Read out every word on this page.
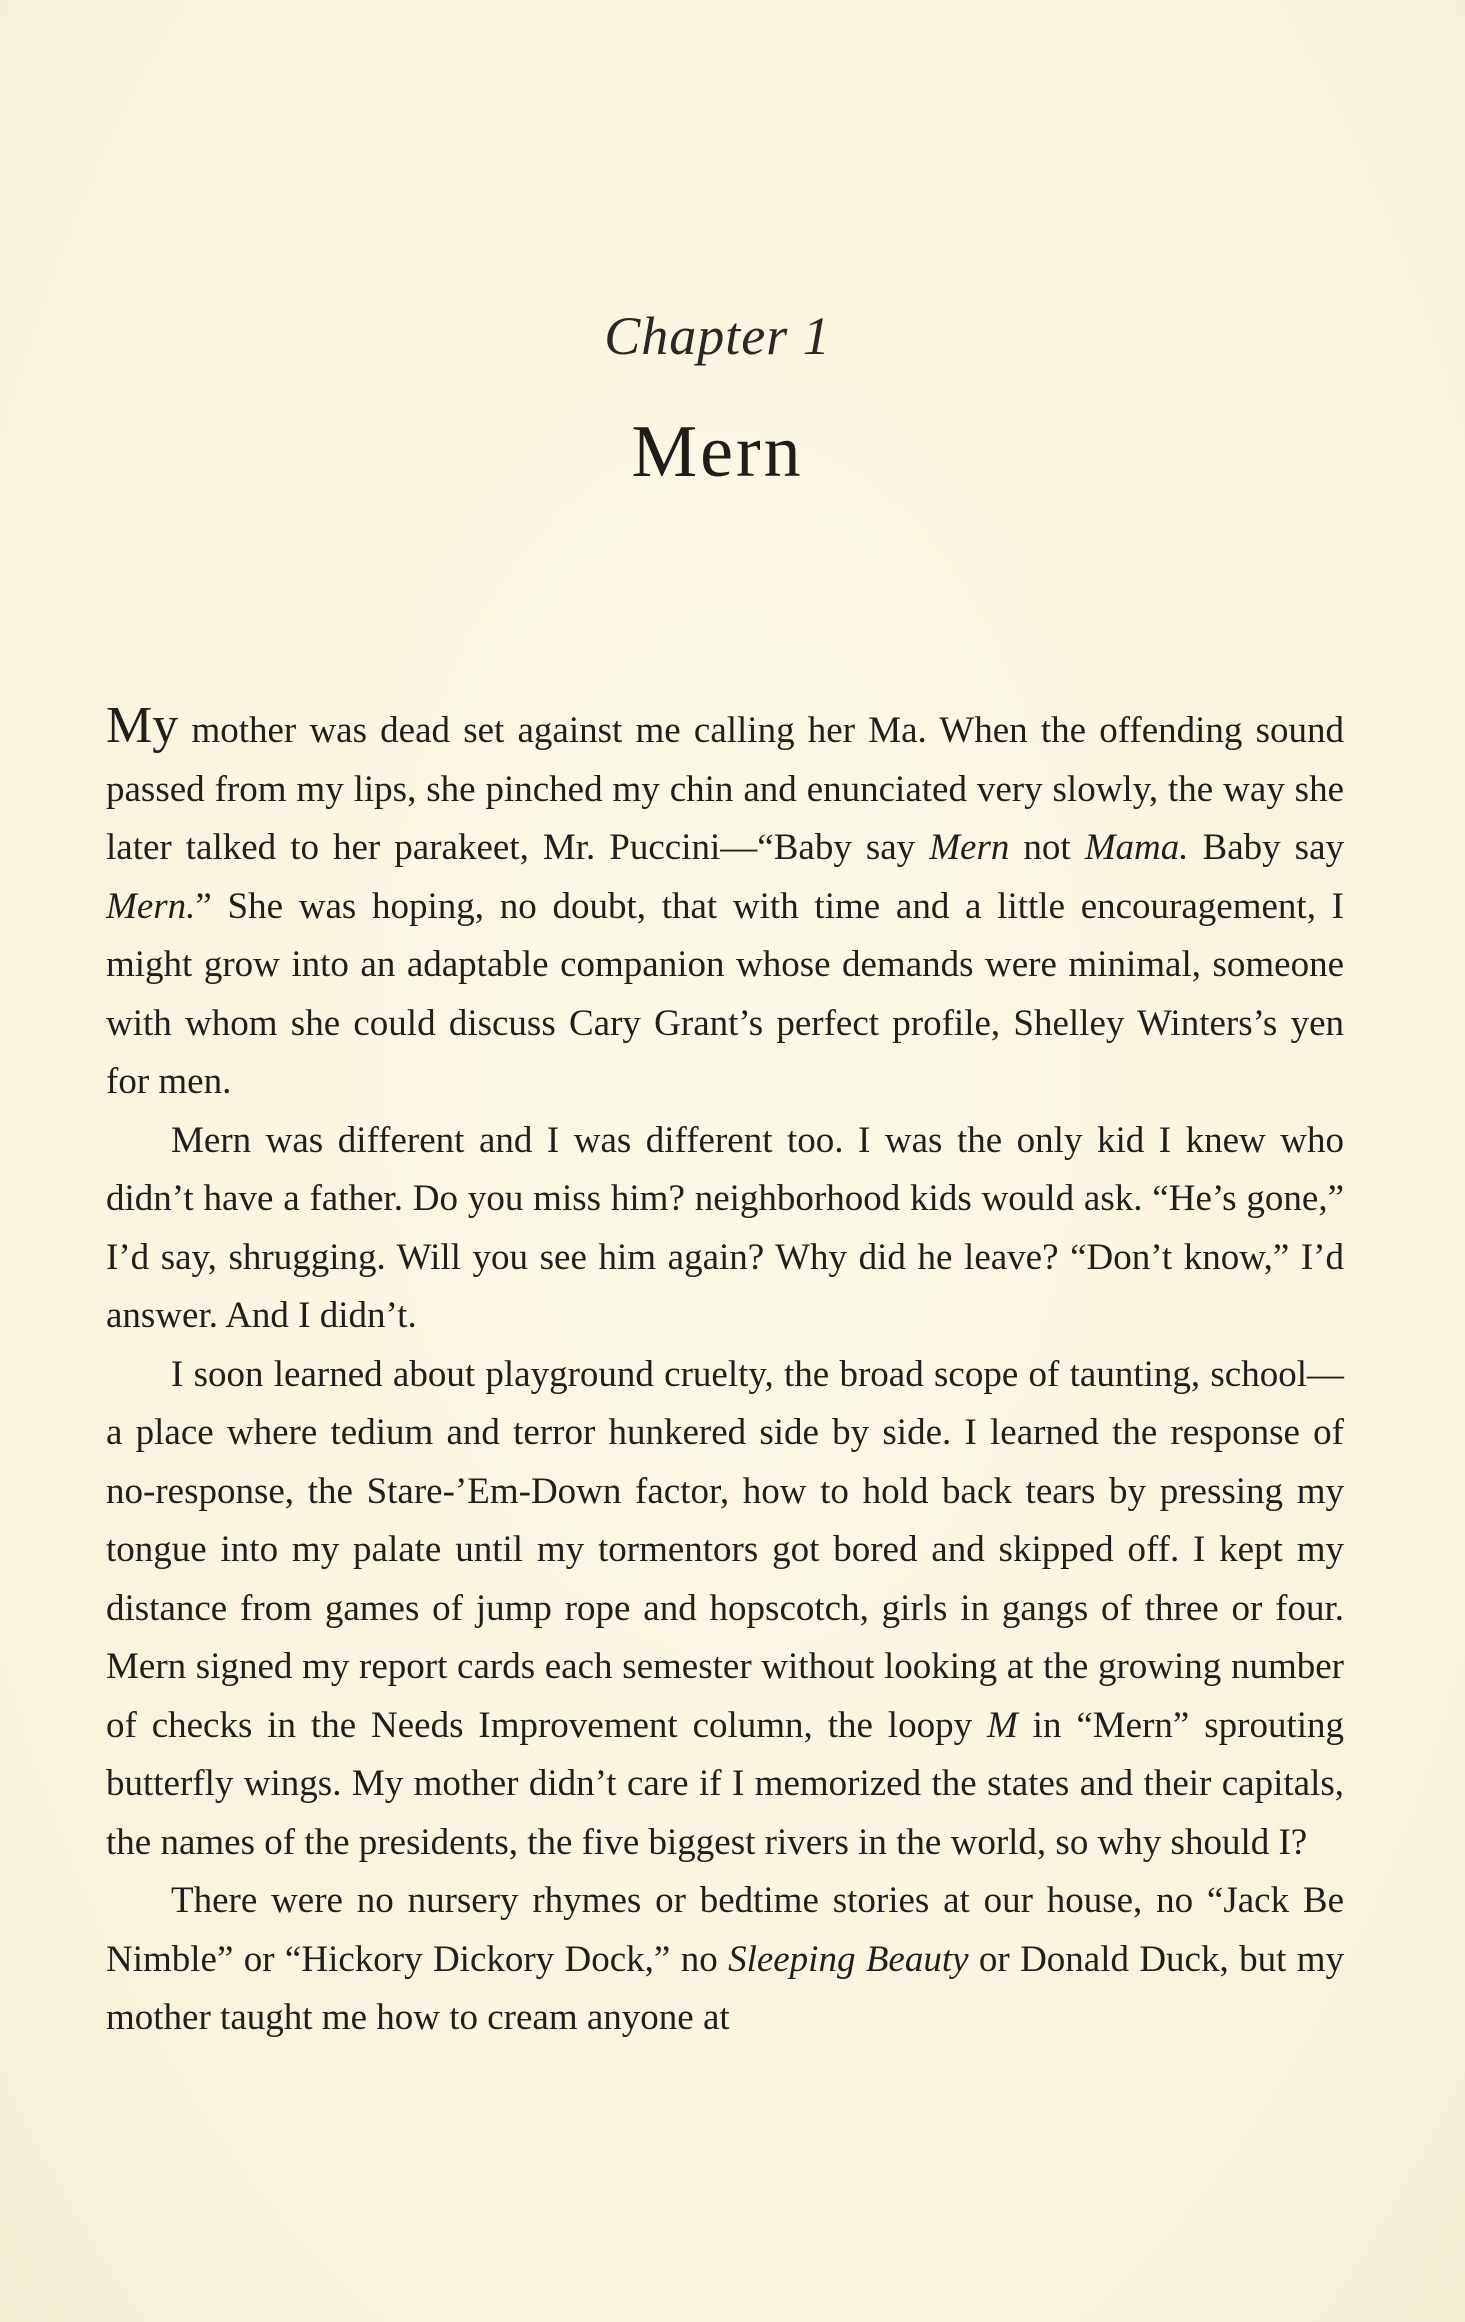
Chapter 1
Mern

My mother was dead set against me calling her Ma. When the offending sound passed from my lips, she pinched my chin and enunciated very slowly, the way she later talked to her parakeet, Mr. Puccini—“Baby say Mern not Mama. Baby say Mern.” She was hoping, no doubt, that with time and a little encouragement, I might grow into an adaptable companion whose demands were minimal, someone with whom she could discuss Cary Grant’s perfect profile, Shelley Winters’s yen for men.

Mern was different and I was different too. I was the only kid I knew who didn’t have a father. Do you miss him? neighborhood kids would ask. “He’s gone,” I’d say, shrugging. Will you see him again? Why did he leave? “Don’t know,” I’d answer. And I didn’t.

I soon learned about playground cruelty, the broad scope of taunting, school—a place where tedium and terror hunkered side by side. I learned the response of no-response, the Stare-’Em-Down factor, how to hold back tears by pressing my tongue into my palate until my tormentors got bored and skipped off. I kept my distance from games of jump rope and hopscotch, girls in gangs of three or four. Mern signed my report cards each semester without looking at the growing number of checks in the Needs Improvement column, the loopy M in “Mern” sprouting butterfly wings. My mother didn’t care if I memorized the states and their capitals, the names of the presidents, the five biggest rivers in the world, so why should I?

There were no nursery rhymes or bedtime stories at our house, no “Jack Be Nimble” or “Hickory Dickory Dock,” no Sleeping Beauty or Donald Duck, but my mother taught me how to cream anyone at
